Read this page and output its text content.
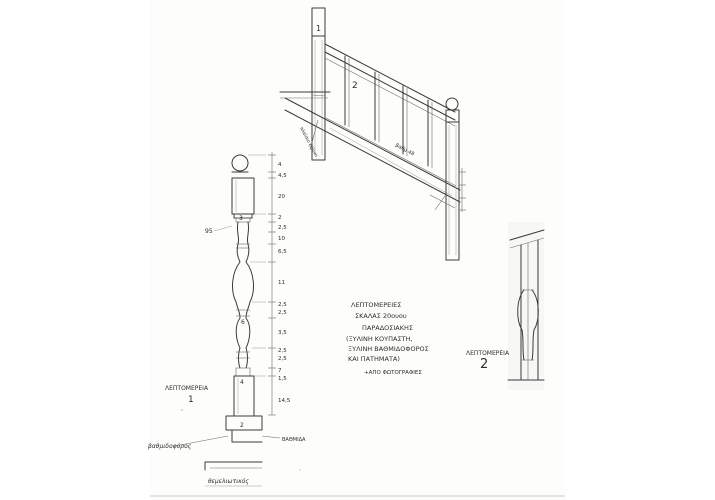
1
2
βαθμ 48
πλαίσιο ξύλινο
3
6
4
2
95
4
4,5
20
2
2,5
10
6,5
11
2,5
2,5
3,5
2,5
2,5
7
1,5
14,5
βαθμιδοφόρος
ΒΑΘΜΙΔΑ
θεμελιωτικός
ΛΕΠΤΟΜΕΡΕΙΑ
1
ΛΕΠΤΟΜΕΡΕΙΑ
2
ΛΕΠΤΟΜΕΡΕΙΕΣ
ΣΚΑΛΑΣ 20ουου
ΠΑΡΑΔΟΣΙΑΚΗΣ
(ΞΥΛΙΝΗ ΚΟΥΠΑΣΤΗ,
ΞΥΛΙΝΗ ΒΑΘΜΙΔΟΦΟΡΟΣ
ΚΑΙ ΠΑΤΗΜΑΤΑ)
+ΑΠΟ ΦΩΤΟΓΡΑΦΙΕΣ
